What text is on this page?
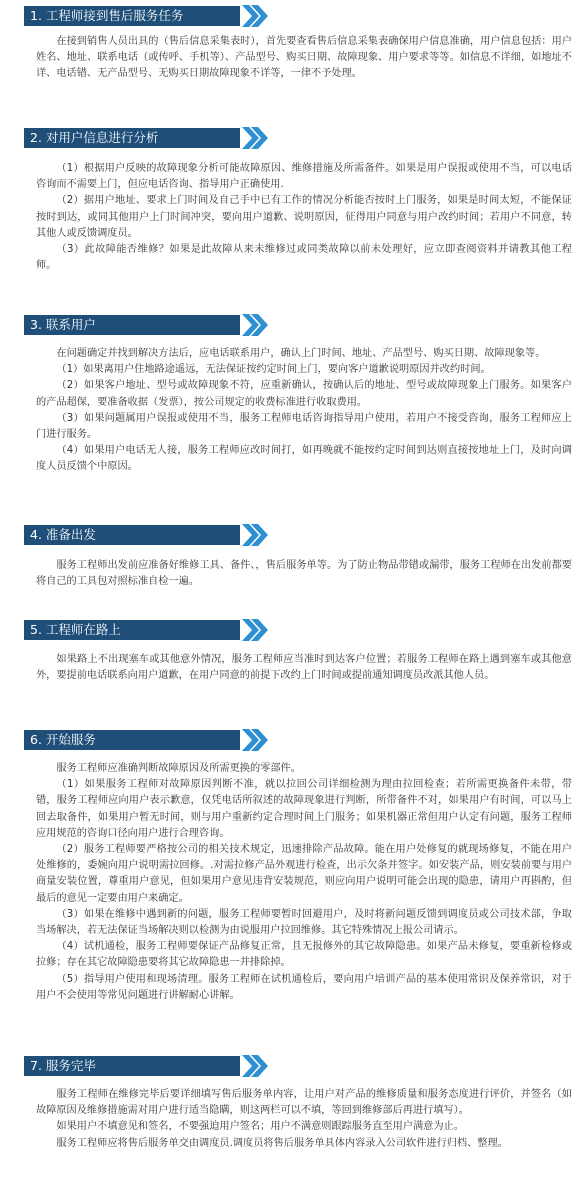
1. 工程师接到售后服务任务

在接到销售人员出具的（售后信息采集表时），首先要查看售后信息采集表确保用户信息准确，用户信息包括：用户姓名、地址、联系电话（或传呼、手机等）、产品型号、购买日期、故障现象、用户要求等等。如信息不详细，如地址不详、电话错、无产品型号、无购买日期故障现象不详等，一律不予处理。

2. 对用户信息进行分析

（1）根据用户反映的故障现象分析可能故障原因、维修措施及所需备件。如果是用户误报或使用不当，可以电话咨询而不需要上门，但应电话咨询、指导用户正确使用.

（2）据用户地址、要求上门时间及自己手中已有工作的情况分析能否按时上门服务，如果是时间太短，不能保证按时到达，或同其他用户上门时间冲突，要向用户道歉、说明原因，征得用户同意与用户改约时间；若用户不同意，转其他人或反馈调度员。

（3）此故障能否维修？如果是此故障从来未维修过或同类故障以前未处理好，应立即查阅资料并请教其他工程师。

3. 联系用户

在问题确定并找到解决方法后，应电话联系用户，确认上门时间、地址、产品型号、购买日期、故障现象等。

（1）如果离用户住地路途遥远，无法保证按约定时间上门，要向客户道歉说明原因并改约时间。

（2）如果客户地址、型号或故障现象不符，应重新确认，按确认后的地址、型号或故障现象上门服务。如果客户的产品超保，要准备收据（发票），按公司规定的收费标准进行收取费用。

（3）如果问题属用户误报或使用不当，服务工程师电话咨询指导用户使用，若用户不接受咨询，服务工程师应上门进行服务。

（4）如果用户电话无人接，服务工程师应改时间打，如再晚就不能按约定时间到达则直接按地址上门，及时向调度人员反馈个中原因。

4. 准备出发

服务工程师出发前应准备好维修工具、备件、，售后服务单等。为了防止物品带错或漏带，服务工程师在出发前都要将自己的工具包对照标准自检一遍。

5. 工程师在路上

如果路上不出现塞车或其他意外情况，服务工程师应当准时到达客户位置；若服务工程师在路上遇到塞车或其他意外，要提前电话联系向用户道歉，在用户同意的前提下改约上门时间或提前通知调度员改派其他人员。

6. 开始服务

服务工程师应准确判断故障原因及所需更换的零部件。

（1）如果服务工程师对故障原因判断不准，就以拉回公司详细检测为理由拉回检查；若所需更换备件未带，带错，服务工程师应向用户表示歉意，仅凭电话所叙述的故障现象进行判断，所带备件不对，如果用户有时间，可以马上回去取备件，如果用户暂无时间，则与用户重新约定合理时间上门服务；如果机器正常但用户认定有问题，服务工程师应用规范的咨询口径向用户进行合理咨询。

（2）服务工程师要严格按公司的相关技术规定，迅速排除产品故障。能在用户处修复的就现场修复，不能在用户处维修的，委婉向用户说明需拉回修。.对需拉修产品外观进行检查，出示欠条并签字。如安装产品，则安装前要与用户商量安装位置，尊重用户意见，但如果用户意见违背安装规范，则应向用户说明可能会出现的隐患，请用户再斟酌，但最后的意见一定要由用户来确定。

（3）如果在维修中遇到新的问题，服务工程师要暂时回避用户，及时将新问题反馈到调度员或公司技术部，争取当场解决，若无法保证当场解决则以检测为由说服用户拉回维修。其它特殊情况上报公司请示。

（4）试机通检，服务工程师要保证产品修复正常，且无报修外的其它故障隐患。如果产品未修复，要重新检修或拉修；存在其它故障隐患要将其它故障隐患一并排除掉。

（5）指导用户使用和现场清理。服务工程师在试机通检后，要向用户培训产品的基本使用常识及保养常识，对于用户不会使用等常见问题进行讲解耐心讲解。

7. 服务完毕

服务工程师在维修完毕后要详细填写售后服务单内容，让用户对产品的维修质量和服务态度进行评价，并签名（如故障原因及维修措施需对用户进行适当隐瞒，则这两栏可以不填，等回到维修部后再进行填写）。

如果用户不填意见和签名，不要强迫用户签名；用户不满意则跟踪服务直至用户满意为止。

服务工程师应将售后服务单交由调度员.调度员将售后服务单具体内容录入公司软件进行归档、整理。
